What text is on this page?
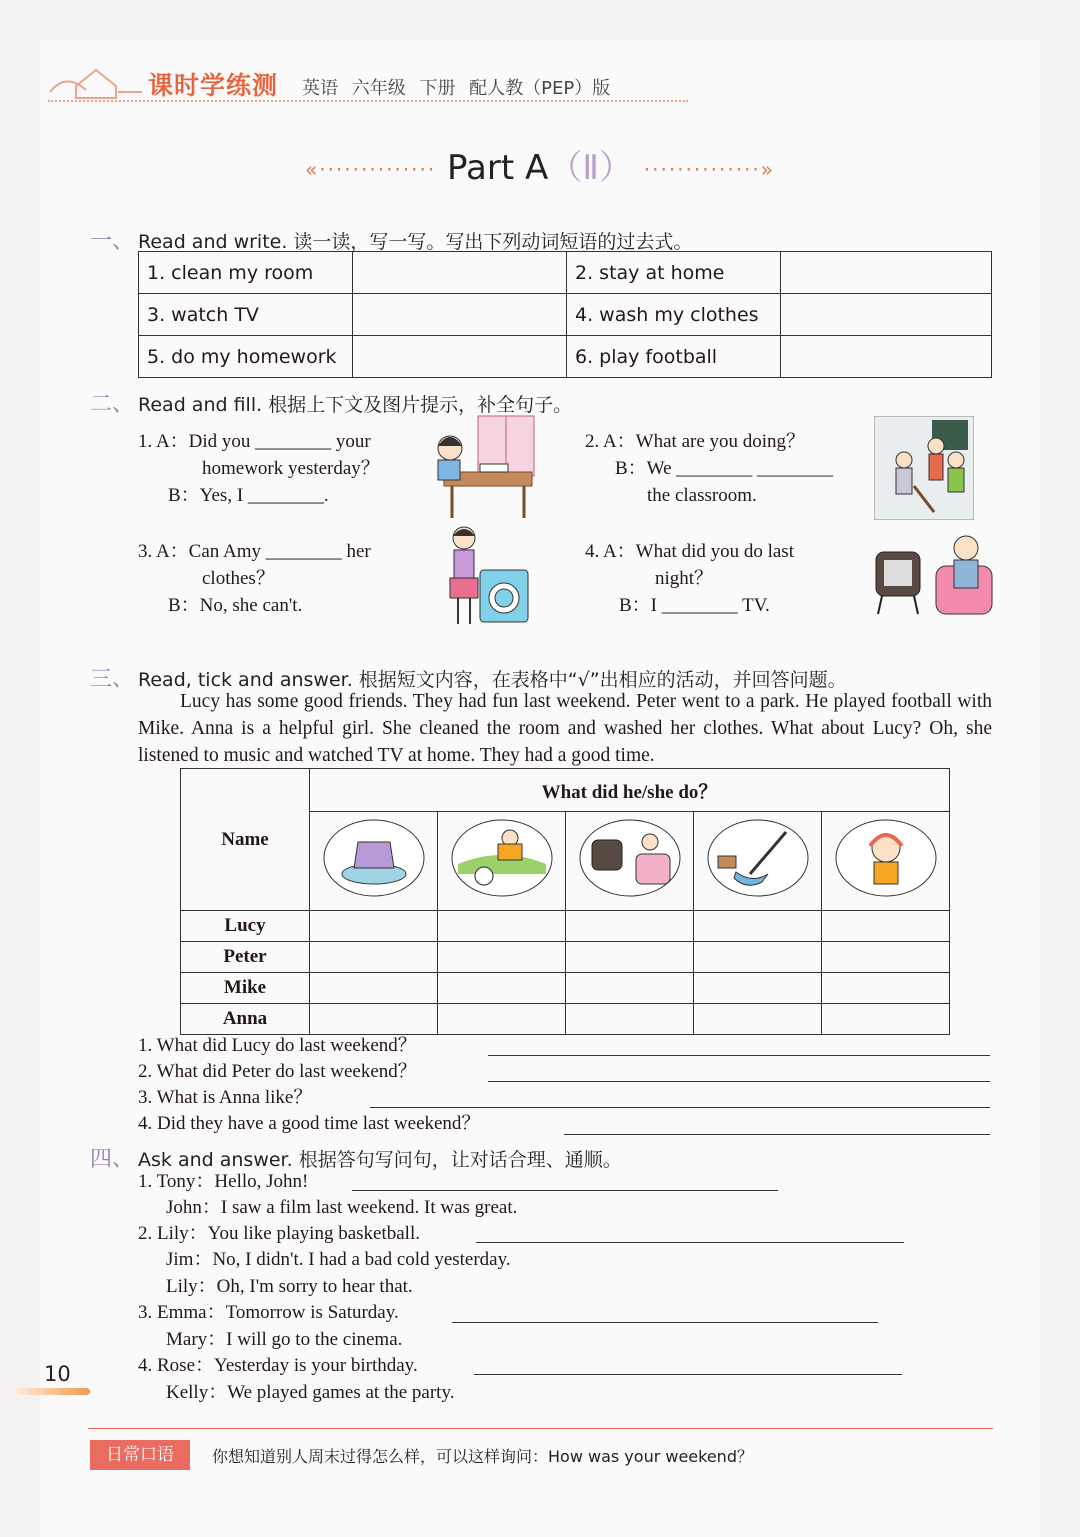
课时学练测 英语 六年级 下册 配人教（PEP）版
«·············· Part A（Ⅱ） ··············»
一、 Read and write. 读一读，写一写。写出下列动词短语的过去式。
1. clean my room		2. stay at home	
3. watch TV		4. wash my clothes	
5. do my homework		6. play football	
二、 Read and fill. 根据上下文及图片提示，补全句子。
1. A：Did you ________ your
homework yesterday？
B：Yes, I ________.
2. A：What are you doing？
B：We ________ ________
the classroom.
3. A：Can Amy ________ her
clothes？
B：No, she can't.
4. A：What did you do last
night？
B：I ________ TV.
三、 Read, tick and answer. 根据短文内容，在表格中“√”出相应的活动，并回答问题。
Lucy has some good friends. They had fun last weekend. Peter went to a park. He played football with Mike. Anna is a helpful girl. She cleaned the room and washed her clothes. What about Lucy? Oh, she listened to music and watched TV at home. They had a good time.
Name	What did he/she do？				

Lucy					
Peter					
Mike					
Anna					
1. What did Lucy do last weekend？
2. What did Peter do last weekend？
3. What is Anna like？
4. Did they have a good time last weekend？
四、 Ask and answer. 根据答句写问句，让对话合理、通顺。
1. Tony：Hello, John!
John：I saw a film last weekend. It was great.
2. Lily：You like playing basketball.
Jim：No, I didn't. I had a bad cold yesterday.
Lily：Oh, I'm sorry to hear that.
3. Emma：Tomorrow is Saturday.
Mary：I will go to the cinema.
4. Rose：Yesterday is your birthday.
Kelly：We played games at the party.
10
日常口语	你想知道别人周末过得怎么样，可以这样询问：How was your weekend？
